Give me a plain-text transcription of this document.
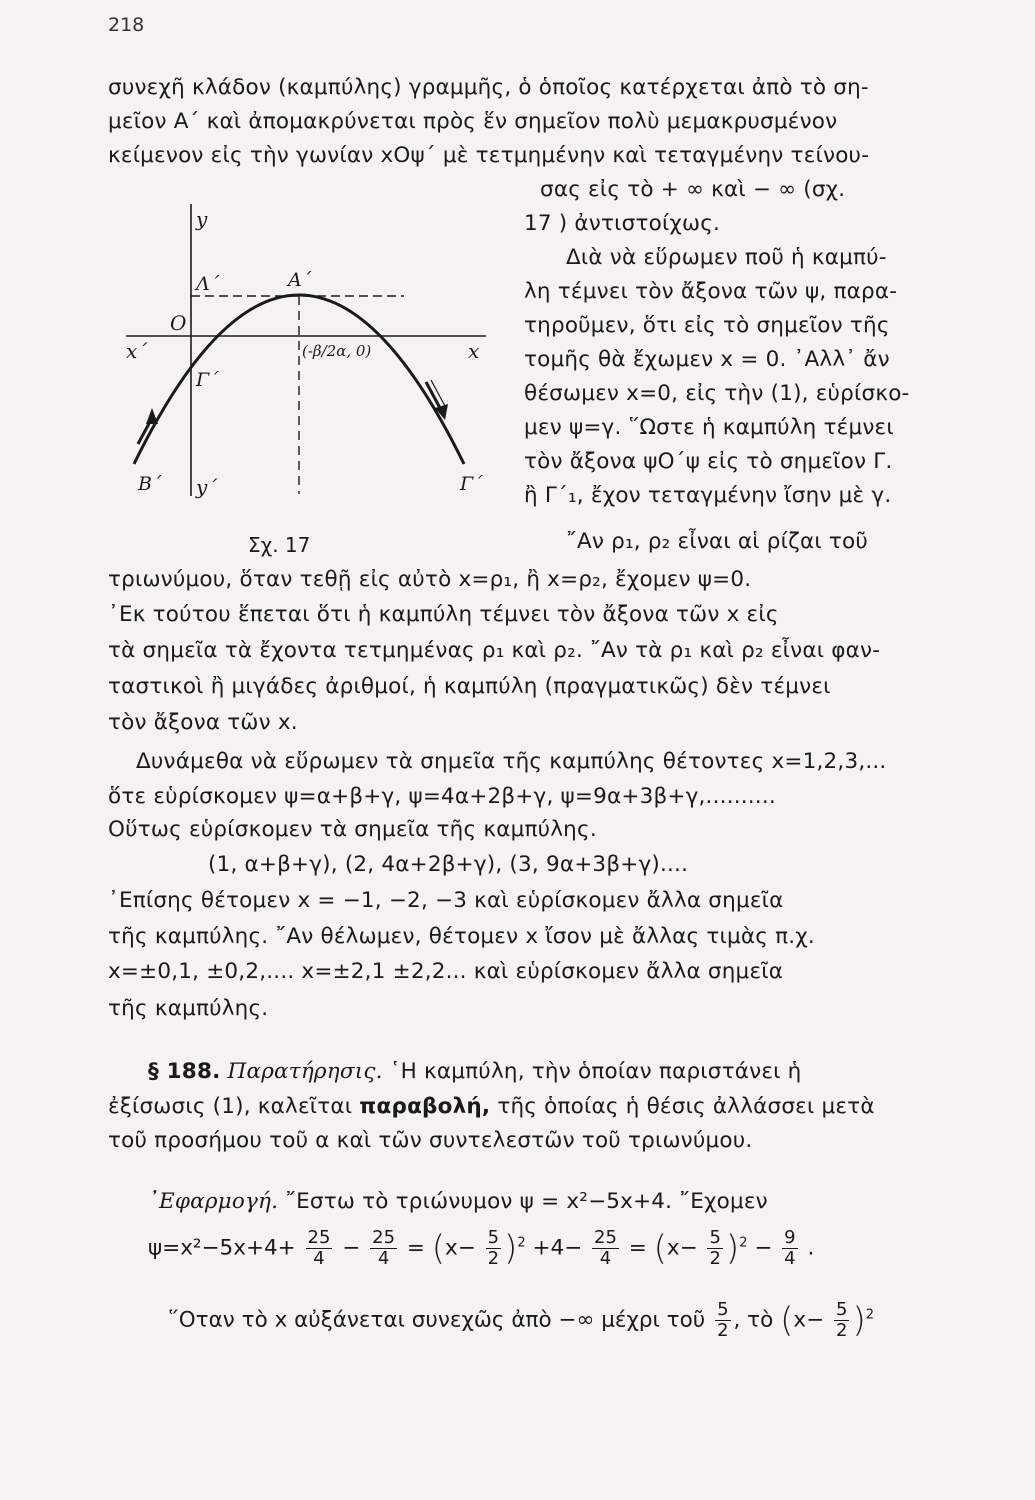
218
συνεχῆ κλάδον (καμπύλης) γραμμῆς, ὁ ὁποῖος κατέρχεται ἀπὸ τὸ ση-
μεῖον Α΄ καὶ ἀπομακρύνεται πρὸς ἕν σημεῖον πολὺ μεμακρυσμένον
κείμενον εἰς τὴν γωνίαν xOψ΄ μὲ τετμημένην καὶ τεταγμένην τείνου-
σας εἰς τὸ + ∞ καὶ − ∞ (σχ.
17 ) ἀντιστοίχως.
Διὰ νὰ εὕρωμεν ποῦ ἡ καμπύ-
λη τέμνει τὸν ἄξονα τῶν ψ, παρα-
τηροῦμεν, ὅτι εἰς τὸ σημεῖον τῆς
τομῆς θὰ ἔχωμεν x = 0. ᾿Αλλ᾿ ἄν
θέσωμεν x=0, εἰς τὴν (1), εὑρίσκο-
μεν ψ=γ. ῞Ωστε ἡ καμπύλη τέμνει
τὸν ἄξονα ψΟ΄ψ εἰς τὸ σημεῖον Γ.
ἢ Γ΄₁, ἔχον τεταγμένην ἴσην μὲ γ.
῎Αν ρ₁, ρ₂ εἶναι αἱ ρίζαι τοῦ
y
y΄
x
x΄
O
Λ΄	Α΄
Γ΄
Β΄	Γ΄
(-β/2α, 0)
Σχ. 17
τριωνύμου, ὅταν τεθῇ εἰς αὐτὸ x=ρ₁, ἢ x=ρ₂, ἔχομεν ψ=0.
᾿Εκ τούτου ἕπεται ὅτι ἡ καμπύλη τέμνει τὸν ἄξονα τῶν x εἰς
τὰ σημεῖα τὰ ἔχοντα τετμημένας ρ₁ καὶ ρ₂. ῎Αν τὰ ρ₁ καὶ ρ₂ εἶναι φαν-
ταστικοὶ ἢ μιγάδες ἀριθμοί, ἡ καμπύλη (πραγματικῶς) δὲν τέμνει
τὸν ἄξονα τῶν x.
Δυνάμεθα νὰ εὕρωμεν τὰ σημεῖα τῆς καμπύλης θέτοντες x=1,2,3,...
ὅτε εὑρίσκομεν ψ=α+β+γ, ψ=4α+2β+γ, ψ=9α+3β+γ,..........
Οὕτως εὑρίσκομεν τὰ σημεῖα τῆς καμπύλης.
(1, α+β+γ), (2, 4α+2β+γ), (3, 9α+3β+γ)....
᾿Επίσης θέτομεν x = −1, −2, −3 καὶ εὑρίσκομεν ἄλλα σημεῖα
τῆς καμπύλης. ῎Αν θέλωμεν, θέτομεν x ἴσον μὲ ἄλλας τιμὰς π.χ.
x=±0,1, ±0,2,.... x=±2,1 ±2,2... καὶ εὑρίσκομεν ἄλλα σημεῖα
τῆς καμπύλης.
§ 188. Παρατήρησις. ῾Η καμπύλη, τὴν ὁποίαν παριστάνει ἡ
ἐξίσωσις (1), καλεῖται παραβολή, τῆς ὁποίας ἡ θέσις ἀλλάσσει μετὰ
τοῦ προσήμου τοῦ α καὶ τῶν συντελεστῶν τοῦ τριωνύμου.
᾿Εφαρμογή. ῎Εστω τὸ τριώνυμον ψ = x²−5x+4. ῎Εχομεν
$\psi=x^2-5x+4+ \frac{25}{4} - \frac{25}{4} = (x- \frac{5}{2} )^2 +4- \frac{25}{4} = (x- \frac{5}{2} )^2 - \frac{9}{4}$ .
῞Οταν τὸ x αὐξάνεται συνεχῶς ἀπὸ −∞ μέχρι τοῦ $\frac{5}{2}$ , τὸ $(x- \frac{5}{2} )^2$
